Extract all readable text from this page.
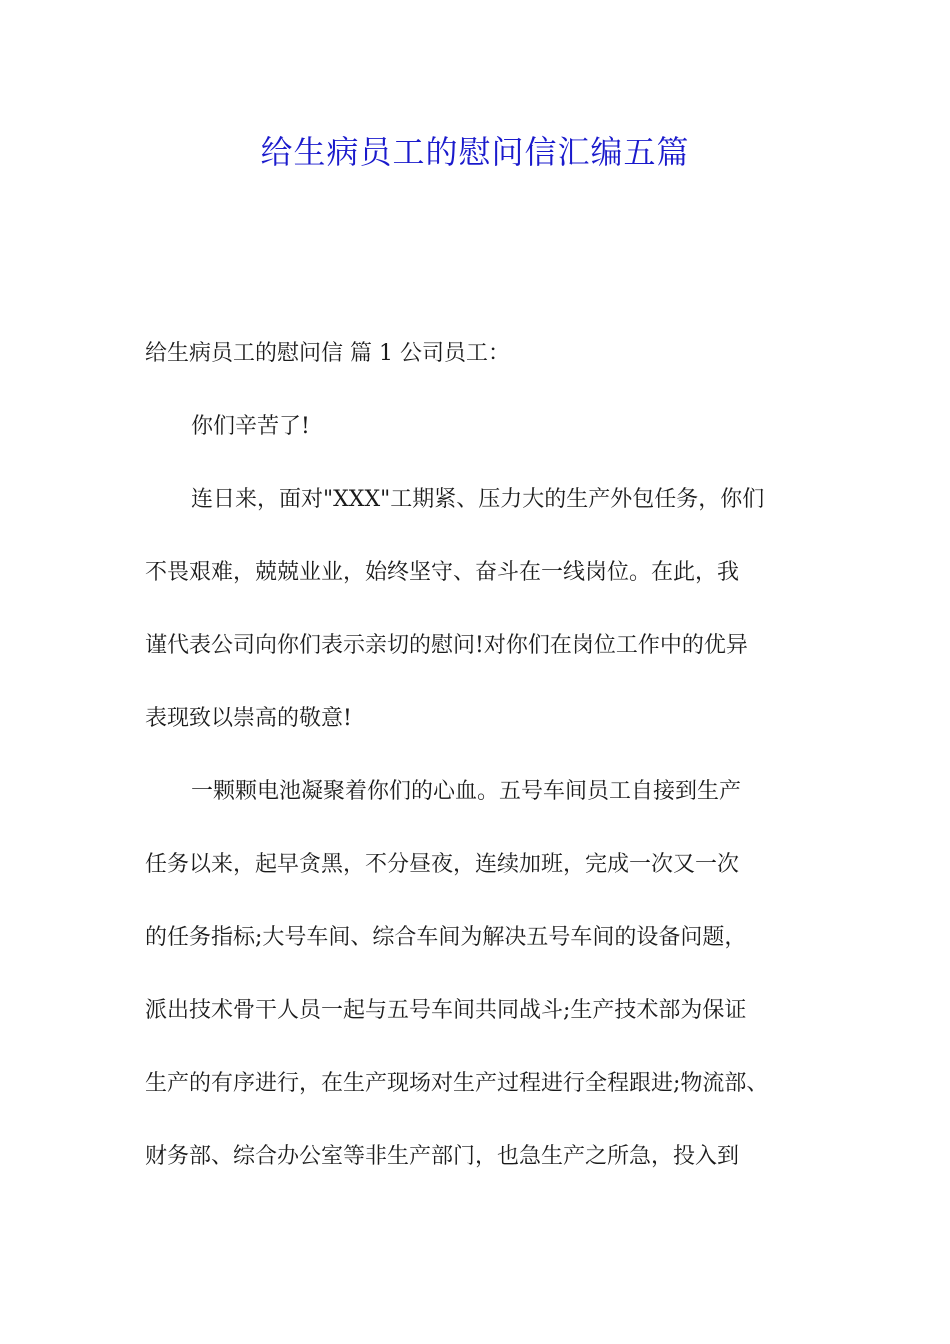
给生病员工的慰问信汇编五篇

给生病员工的慰问信 篇 1 公司员工：

你们辛苦了!
连日来，面对"XXX"工期紧、压力大的生产外包任务，你们
不畏艰难，兢兢业业，始终坚守、奋斗在一线岗位。在此，我
谨代表公司向你们表示亲切的慰问!对你们在岗位工作中的优异
表现致以崇高的敬意!
一颗颗电池凝聚着你们的心血。五号车间员工自接到生产
任务以来，起早贪黑，不分昼夜，连续加班，完成一次又一次
的任务指标;大号车间、综合车间为解决五号车间的设备问题，
派出技术骨干人员一起与五号车间共同战斗;生产技术部为保证
生产的有序进行，在生产现场对生产过程进行全程跟进;物流部、
财务部、综合办公室等非生产部门，也急生产之所急，投入到
